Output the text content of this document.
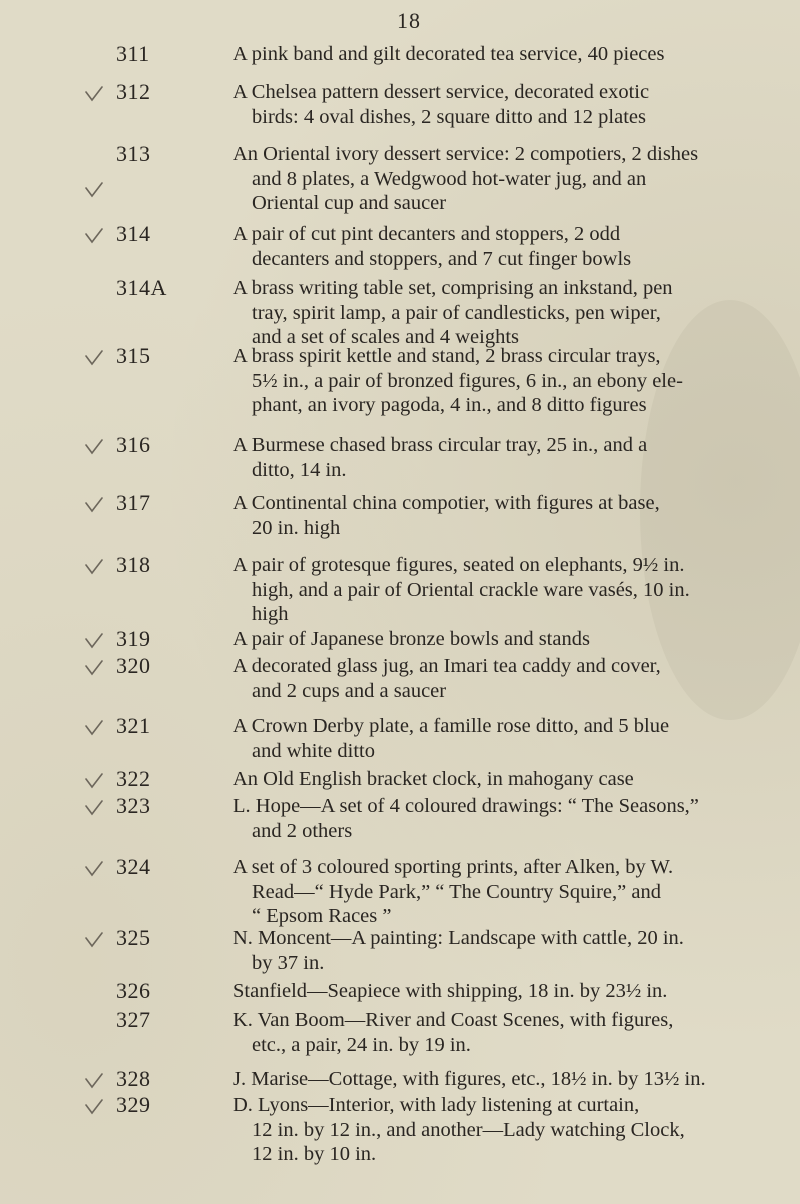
18
311	A pink band and gilt decorated tea service, 40 pieces
312	A Chelsea pattern dessert service, decorated exotic
birds: 4 oval dishes, 2 square ditto and 12 plates
313	An Oriental ivory dessert service: 2 compotiers, 2 dishes
and 8 plates, a Wedgwood hot-water jug, and an
Oriental cup and saucer
314	A pair of cut pint decanters and stoppers, 2 odd
decanters and stoppers, and 7 cut finger bowls
314A	A brass writing table set, comprising an inkstand, pen
tray, spirit lamp, a pair of candlesticks, pen wiper,
and a set of scales and 4 weights
315	A brass spirit kettle and stand, 2 brass circular trays,
5½ in., a pair of bronzed figures, 6 in., an ebony ele-
phant, an ivory pagoda, 4 in., and 8 ditto figures
316	A Burmese chased brass circular tray, 25 in., and a
ditto, 14 in.
317	A Continental china compotier, with figures at base,
20 in. high
318	A pair of grotesque figures, seated on elephants, 9½ in.
high, and a pair of Oriental crackle ware vasés, 10 in.
high
319	A pair of Japanese bronze bowls and stands
320	A decorated glass jug, an Imari tea caddy and cover,
and 2 cups and a saucer
321	A Crown Derby plate, a famille rose ditto, and 5 blue
and white ditto
322	An Old English bracket clock, in mahogany case
323	L. Hope—A set of 4 coloured drawings: “ The Seasons,”
and 2 others
324	A set of 3 coloured sporting prints, after Alken, by W.
Read—“ Hyde Park,” “ The Country Squire,” and
“ Epsom Races ”
325	N. Moncent—A painting: Landscape with cattle, 20 in.
by 37 in.
326	Stanfield—Seapiece with shipping, 18 in. by 23½ in.
327	K. Van Boom—River and Coast Scenes, with figures,
etc., a pair, 24 in. by 19 in.
328	J. Marise—Cottage, with figures, etc., 18½ in. by 13½ in.
329	D. Lyons—Interior, with lady listening at curtain,
12 in. by 12 in., and another—Lady watching Clock,
12 in. by 10 in.
